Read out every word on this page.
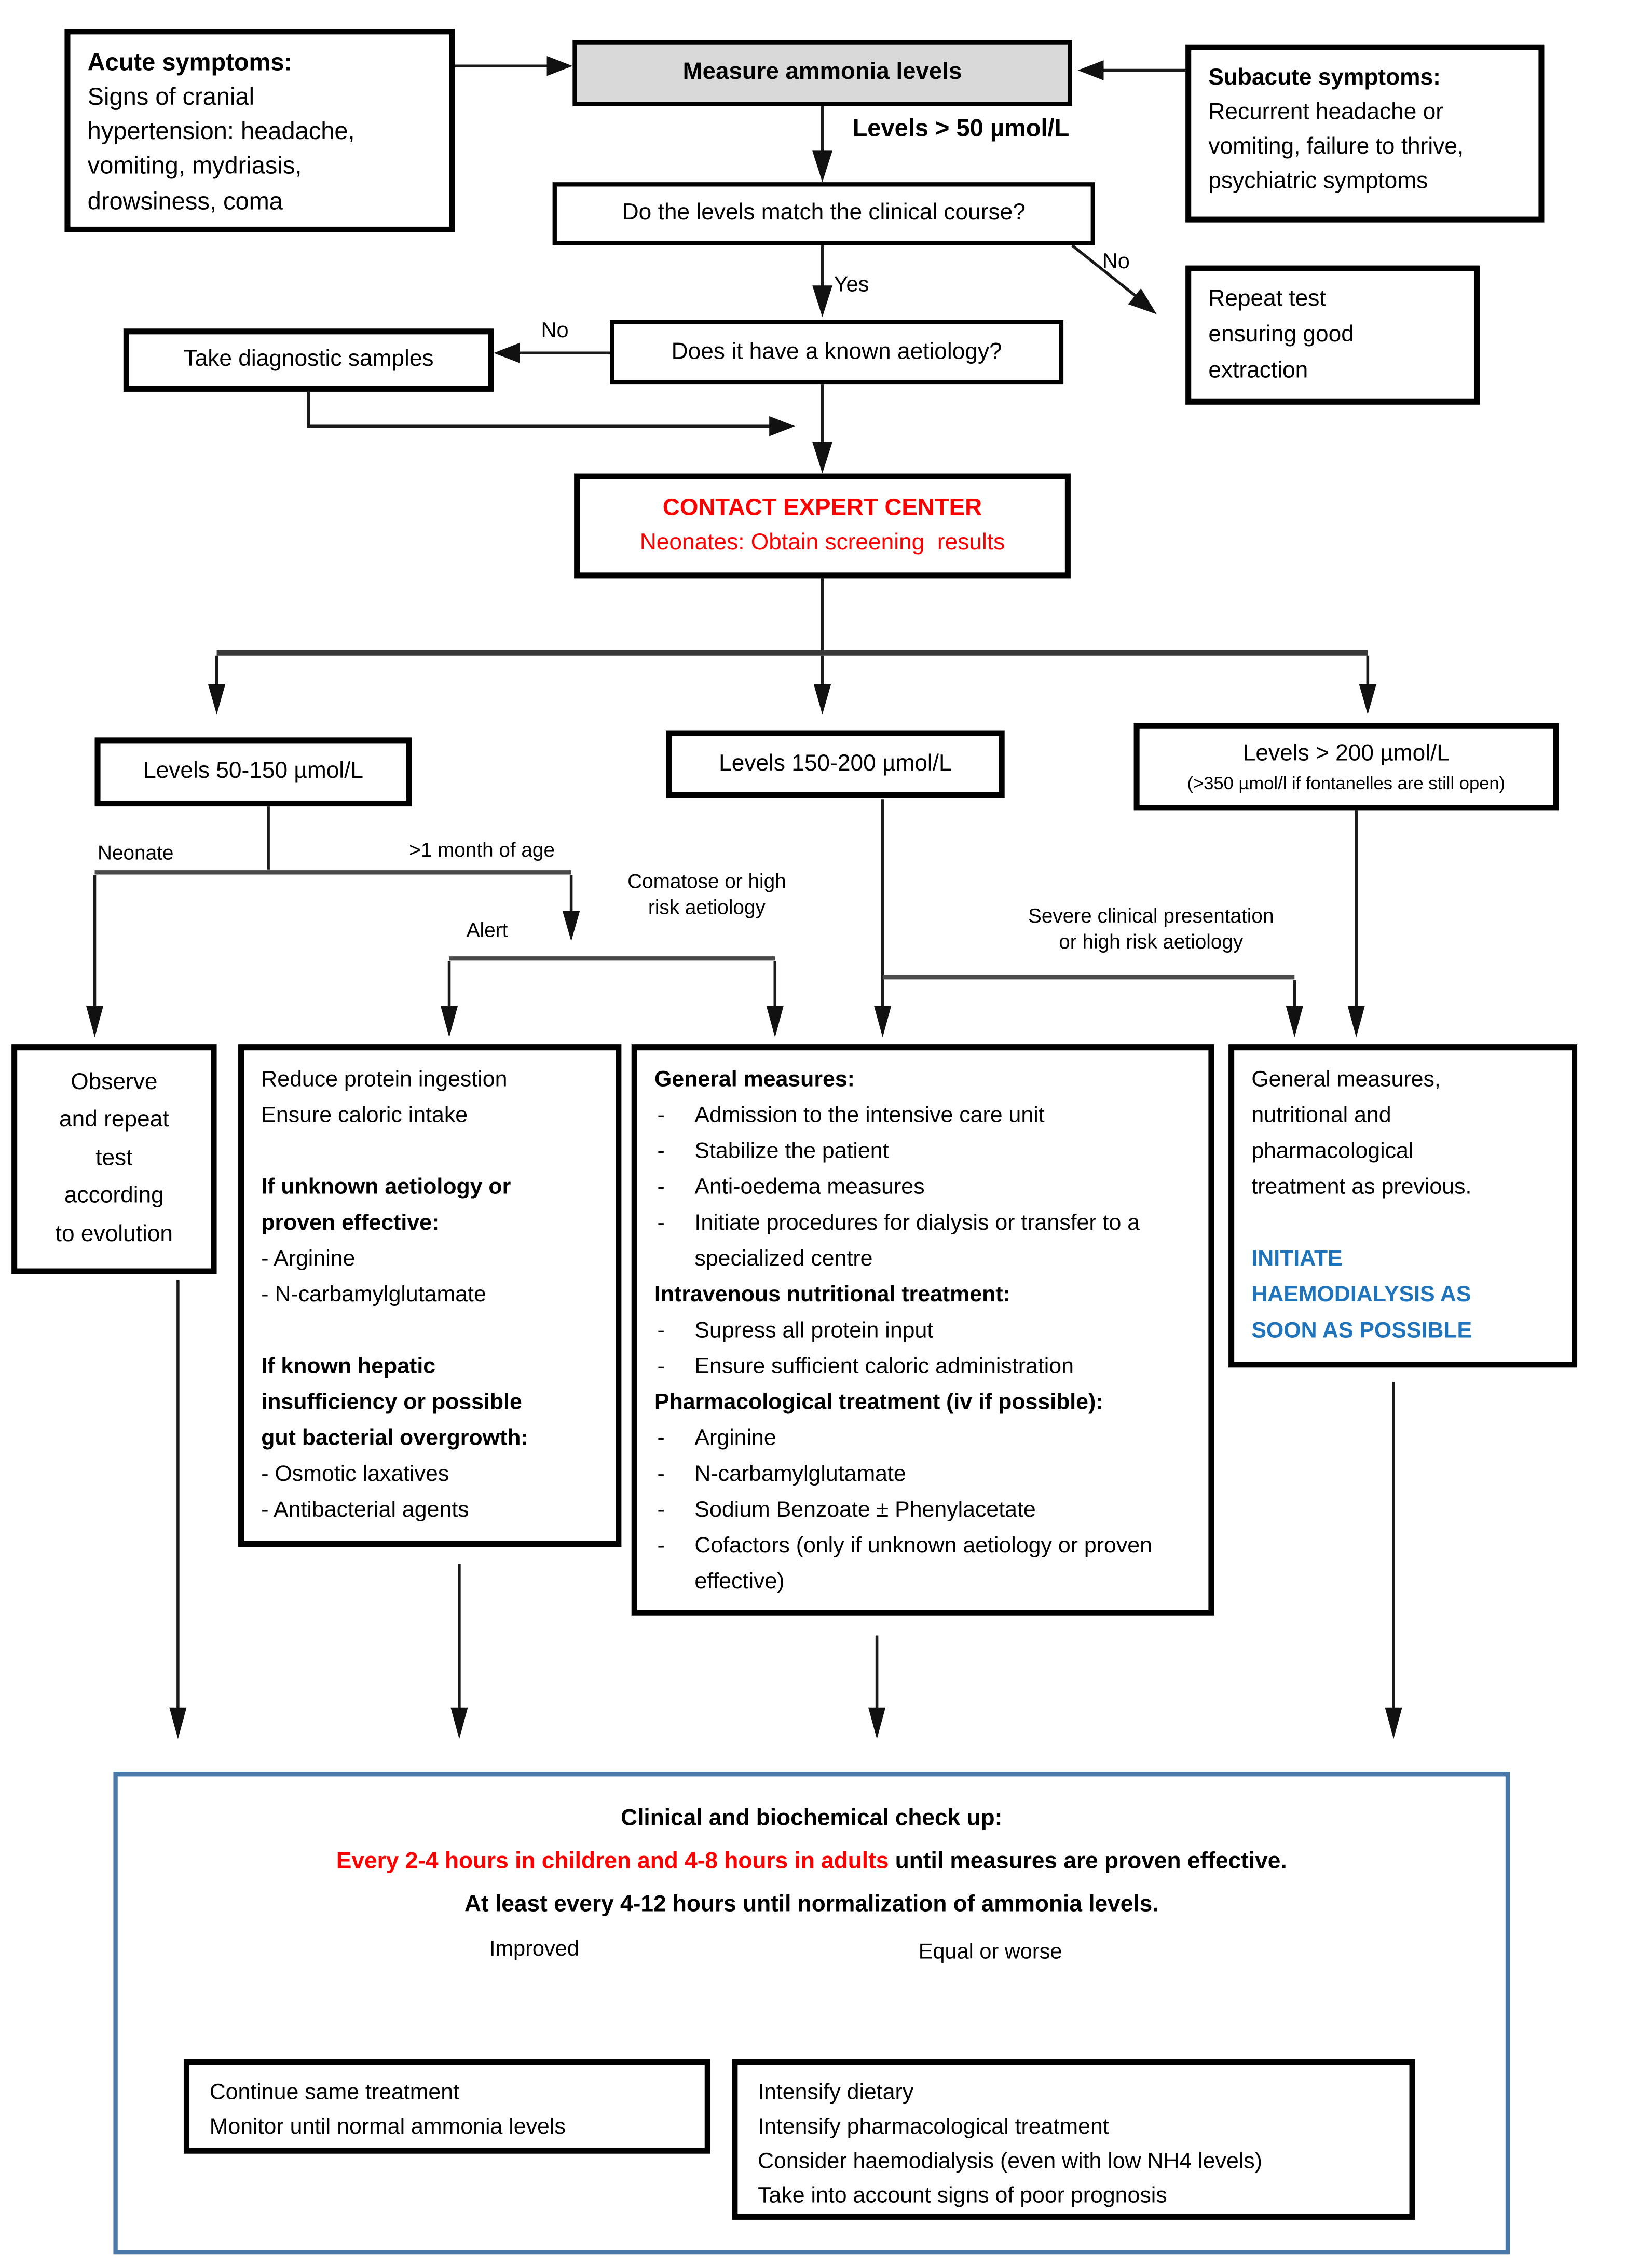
Acute symptoms:
Signs of cranial
hypertension: headache,
vomiting, mydriasis,
drowsiness, coma
Measure ammonia levels	Subacute symptoms:
Recurrent headache or
vomiting, failure to thrive,
psychiatric symptoms
Levels > 50 µmol/L
Do the levels match the clinical course?
Yes
No
Repeat test
ensuring good
extraction
Does it have a known aetiology?
No
Take diagnostic samples
CONTACT EXPERT CENTER
Neonates: Obtain screening  results
Levels 50-150 µmol/L	Levels 150-200 µmol/L	Levels > 200 µmol/L
(>350 µmol/l if fontanelles are still open)
Neonate	>1 month of age
Alert
Comatose or high
risk aetiology	Severe clinical presentation
or high risk aetiology
Observe
and repeat
test
according
to evolution
Reduce protein ingestion
Ensure caloric intake
If unknown aetiology or
proven effective:
- Arginine
- N-carbamylglutamate
If known hepatic
insufficiency or possible
gut bacterial overgrowth:
- Osmotic laxatives
- Antibacterial agents
General measures:
-	Admission to the intensive care unit
-	Stabilize the patient
-	Anti-oedema measures
-	Initiate procedures for dialysis or transfer to a specialized centre
Intravenous nutritional treatment:
-	Supress all protein input
-	Ensure sufficient caloric administration
Pharmacological treatment (iv if possible):
-	Arginine
-	N-carbamylglutamate
-	Sodium Benzoate ± Phenylacetate
-	Cofactors (only if unknown aetiology or proven effective)
General measures,
nutritional and
pharmacological
treatment as previous.
INITIATE
HAEMODIALYSIS AS
SOON AS POSSIBLE
Clinical and biochemical check up:
Every 2-4 hours in children and 4-8 hours in adults until measures are proven effective.
At least every 4-12 hours until normalization of ammonia levels.
Improved	Equal or worse
Continue same treatment
Monitor until normal ammonia levels
Intensify dietary
Intensify pharmacological treatment
Consider haemodialysis (even with low NH4 levels)
Take into account signs of poor prognosis
